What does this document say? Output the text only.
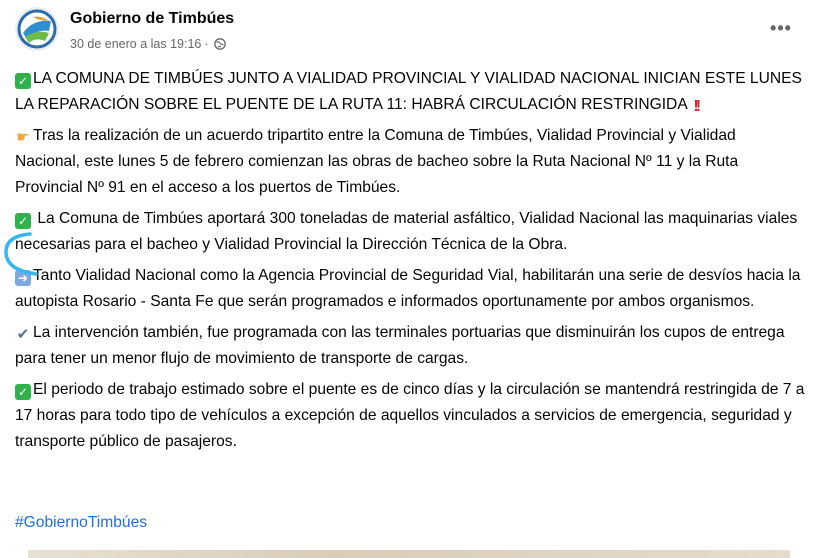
Gobierno de Timbúes
30 de enero a las 19:16 ·
•••

✓ LA COMUNA DE TIMBÚES JUNTO A VIALIDAD PROVINCIAL Y VIALIDAD NACIONAL INICIAN ESTE LUNES LA REPARACIÓN SOBRE EL PUENTE DE LA RUTA 11: HABRÁ CIRCULACIÓN RESTRINGIDA !!

☛ Tras la realización de un acuerdo tripartito entre la Comuna de Timbúes, Vialidad Provincial y Vialidad Nacional, este lunes 5 de febrero comienzan las obras de bacheo sobre la Ruta Nacional Nº 11 y la Ruta Provincial Nº 91 en el acceso a los puertos de Timbúes.

✓ La Comuna de Timbúes aportará 300 toneladas de material asfáltico, Vialidad Nacional las maquinarias viales necesarias para el bacheo y Vialidad Provincial la Dirección Técnica de la Obra.

➜ Tanto Vialidad Nacional como la Agencia Provincial de Seguridad Vial, habilitarán una serie de desvíos hacia la autopista Rosario - Santa Fe que serán programados e informados oportunamente por ambos organismos.

✔ La intervención también, fue programada con las terminales portuarias que disminuirán los cupos de entrega para tener un menor flujo de movimiento de transporte de cargas.

✓ El periodo de trabajo estimado sobre el puente es de cinco días y la circulación se mantendrá restringida de 7 a 17 horas para todo tipo de vehículos a excepción de aquellos vinculados a servicios de emergencia, seguridad y transporte público de pasajeros.

#GobiernoTimbúes
